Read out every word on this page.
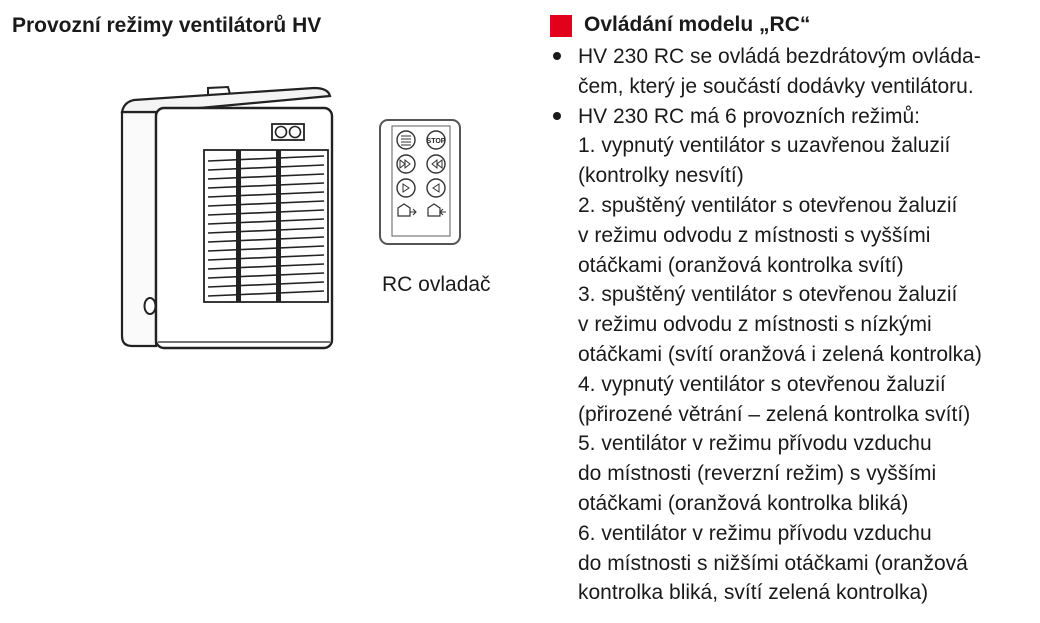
Provozní režimy ventilátorů HV
STOP
RC ovladač
Ovládání modelu „RC“
HV 230 RC se ovládá bezdrátovým ovláda-
čem, který je součástí dodávky ventilátoru.
HV 230 RC má 6 provozních režimů:
1. vypnutý ventilátor s uzavřenou žaluzií
(kontrolky nesvítí)
2. spuštěný ventilátor s otevřenou žaluzií
v režimu odvodu z místnosti s vyššími
otáčkami (oranžová kontrolka svítí)
3. spuštěný ventilátor s otevřenou žaluzií
v režimu odvodu z místnosti s nízkými
otáčkami (svítí oranžová i zelená kontrolka)
4. vypnutý ventilátor s otevřenou žaluzií
(přirozené větrání – zelená kontrolka svítí)
5. ventilátor v režimu přívodu vzduchu
do místnosti (reverzní režim) s vyššími
otáčkami (oranžová kontrolka bliká)
6. ventilátor v režimu přívodu vzduchu
do místnosti s nižšími otáčkami (oranžová
kontrolka bliká, svítí zelená kontrolka)
